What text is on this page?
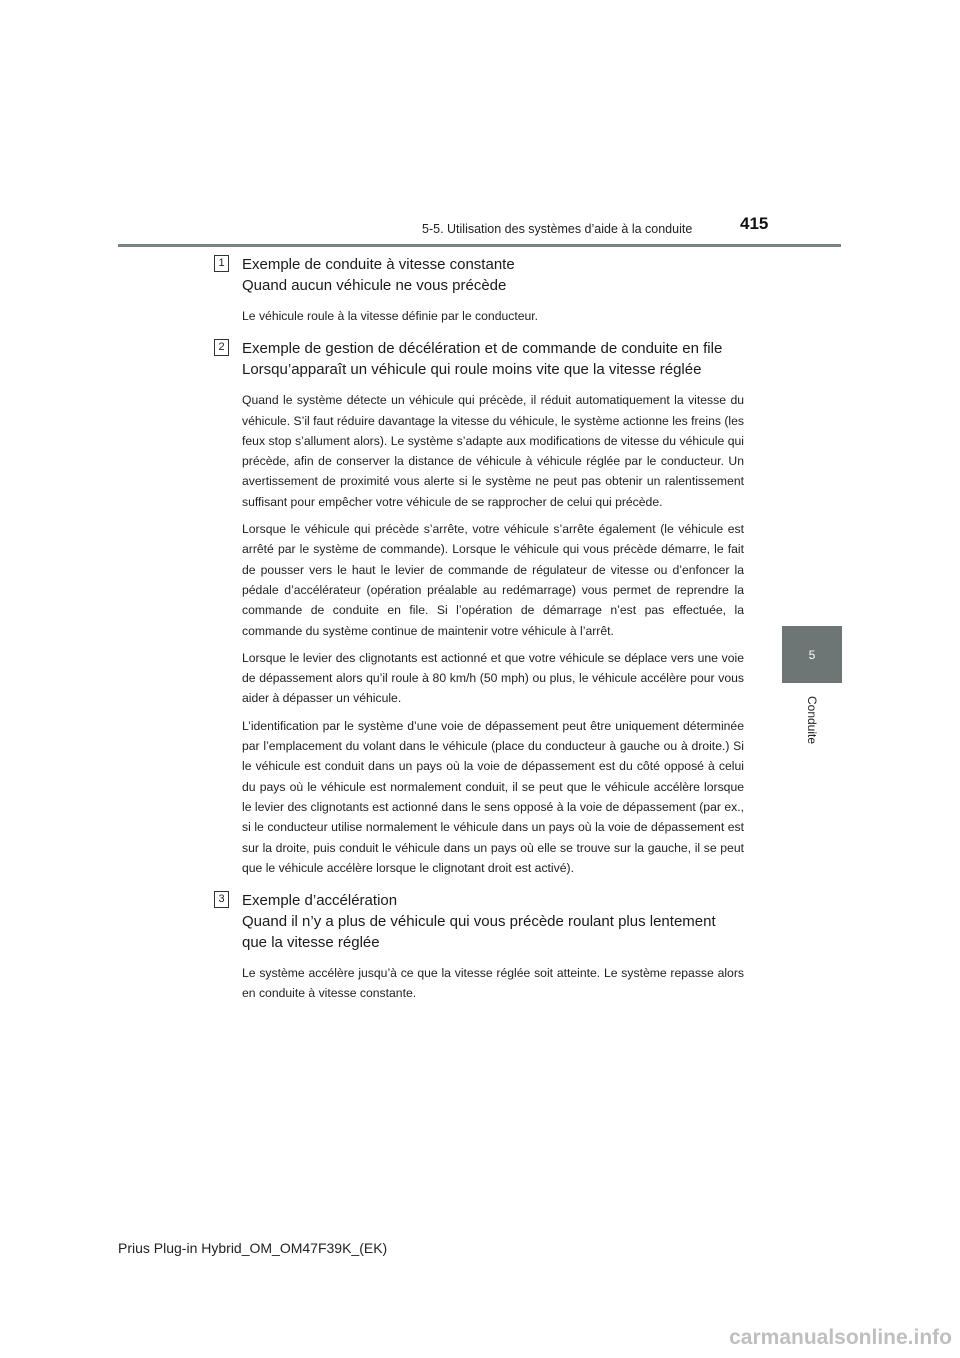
5-5. Utilisation des systèmes d’aide à la conduite	415
5
Conduite
1 Exemple de conduite à vitesse constante
Quand aucun véhicule ne vous précède

Le véhicule roule à la vitesse définie par le conducteur.

2 Exemple de gestion de décélération et de commande de conduite en file
Lorsqu’apparaît un véhicule qui roule moins vite que la vitesse réglée

Quand le système détecte un véhicule qui précède, il réduit automatiquement la vitesse du véhicule. S’il faut réduire davantage la vitesse du véhicule, le système actionne les freins (les feux stop s’allument alors). Le système s’adapte aux modifications de vitesse du véhicule qui précède, afin de conserver la distance de véhicule à véhicule réglée par le conducteur. Un avertissement de proximité vous alerte si le système ne peut pas obtenir un ralentissement suffisant pour empêcher votre véhicule de se rapprocher de celui qui précède.

Lorsque le véhicule qui précède s’arrête, votre véhicule s’arrête également (le véhicule est arrêté par le système de commande). Lorsque le véhicule qui vous précède démarre, le fait de pousser vers le haut le levier de commande de régulateur de vitesse ou d’enfoncer la pédale d’accélérateur (opération préalable au redémarrage) vous permet de reprendre la commande de conduite en file. Si l’opération de démarrage n’est pas effectuée, la commande du système continue de maintenir votre véhicule à l’arrêt.

Lorsque le levier des clignotants est actionné et que votre véhicule se déplace vers une voie de dépassement alors qu’il roule à 80 km/h (50 mph) ou plus, le véhicule accélère pour vous aider à dépasser un véhicule.

L’identification par le système d’une voie de dépassement peut être uniquement déterminée par l’emplacement du volant dans le véhicule (place du conducteur à gauche ou à droite.) Si le véhicule est conduit dans un pays où la voie de dépassement est du côté opposé à celui du pays où le véhicule est normalement conduit, il se peut que le véhicule accélère lorsque le levier des clignotants est actionné dans le sens opposé à la voie de dépassement (par ex., si le conducteur utilise normalement le véhicule dans un pays où la voie de dépassement est sur la droite, puis conduit le véhicule dans un pays où elle se trouve sur la gauche, il se peut que le véhicule accélère lorsque le clignotant droit est activé).

3 Exemple d’accélération
Quand il n’y a plus de véhicule qui vous précède roulant plus lentement que la vitesse réglée

Le système accélère jusqu’à ce que la vitesse réglée soit atteinte. Le système repasse alors en conduite à vitesse constante.

Prius Plug-in Hybrid_OM_OM47F39K_(EK)
carmanualsonline.info
